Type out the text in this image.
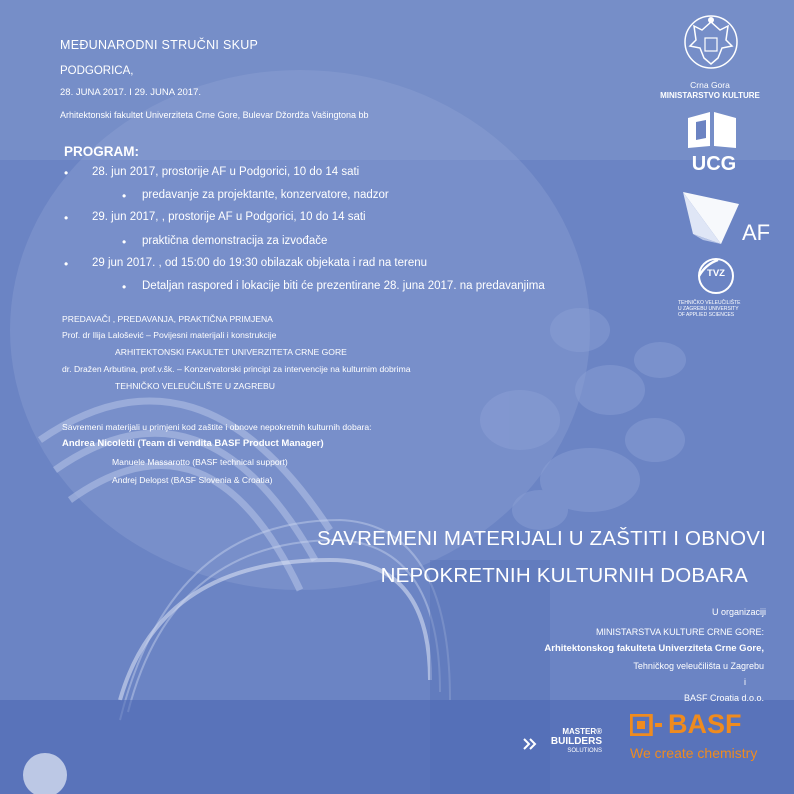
MEĐUNARODNI STRUČNI SKUP
PODGORICA,
28. JUNA 2017. I 29. JUNA 2017.
Arhitektonski fakultet Univerziteta Crne Gore, Bulevar Džordža Vašingtona bb
PROGRAM:
• 28. jun 2017, prostorije AF u Podgorici, 10 do 14 sati
• predavanje za projektante, konzervatore, nadzor
• 29. jun 2017, , prostorije AF u Podgorici, 10 do 14 sati
• praktična demonstracija za izvođače
• 29 jun 2017. , od 15:00 do 19:30 obilazak objekata i rad na terenu
• Detaljan raspored i lokacije biti će prezentirane 28. juna 2017. na predavanjima
PREDAVAČI , PREDAVANJA, PRAKTIČNA PRIMJENA
Prof. dr Ilija Lalošević – Povijesni materijali i konstrukcije
ARHITEKTONSKI FAKULTET UNIVERZITETA CRNE GORE
dr. Dražen Arbutina, prof.v.šk. – Konzervatorski principi za intervencije na kulturnim dobrima
TEHNIČKO VELEUČILIŠTE U ZAGREBU
Savremeni materijali u primjeni kod zaštite i obnove nepokretnih kulturnih dobara:
Andrea Nicoletti (Team di vendita BASF Product Manager)
Manuele Massarotto (BASF technical support)
Andrej Delopst (BASF Slovenia & Croatia)
SAVREMENI MATERIJALI U ZAŠTITI I OBNOVI
NEPOKRETNIH KULTURNIH DOBARA
U organizaciji
MINISTARSTVA KULTURE CRNE GORE:
Arhitektonskog fakulteta Univerziteta Crne Gore,
Tehničkog veleučilišta u Zagrebu
i
BASF Croatia d.o.o.
Crna Gora
MINISTARSTVO KULTURE
UCG
AF
TVZ
TEHNIČKO VELEUČILIŠTE
U ZAGREBU UNIVERSITY
OF APPLIED SCIENCES
MASTER®
BUILDERS
SOLUTIONS
BASF
We create chemistry
